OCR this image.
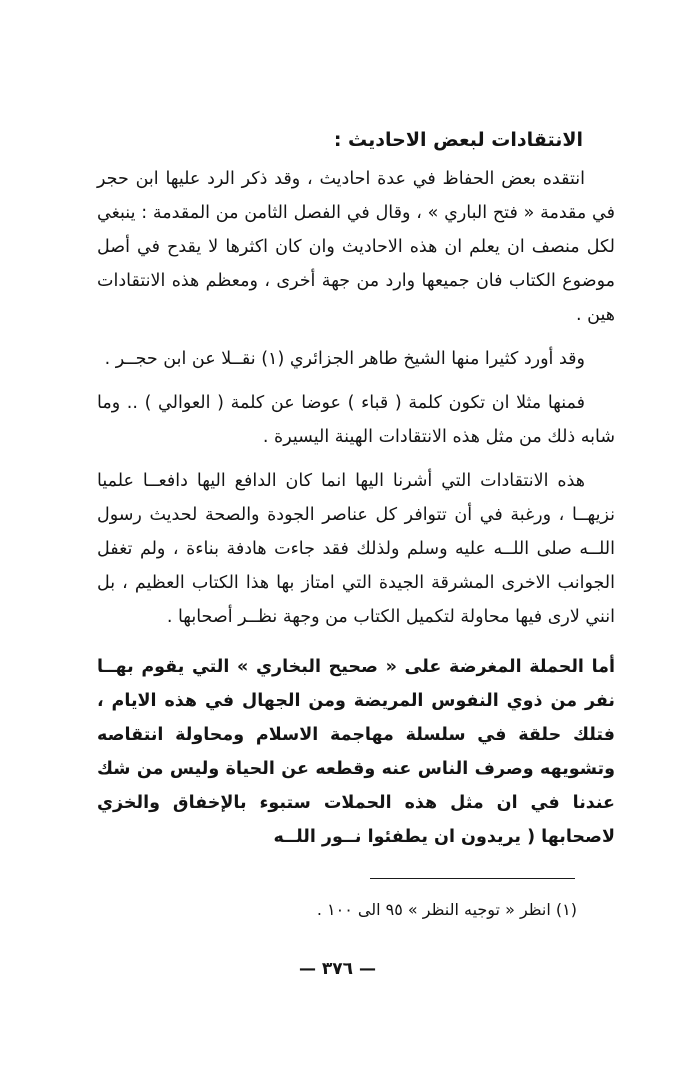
الانتقادات لبعض الاحاديث :

انتقده بعض الحفاظ في عدة احاديث ، وقد ذكر الرد عليها ابن حجر في مقدمة « فتح الباري » ، وقال في الفصل الثامن من المقدمة : ينبغي لكل منصف ان يعلم ان هذه الاحاديث وان كان اكثرها لا يقدح في أصل موضوع الكتاب فان جميعها وارد من جهة أخرى ، ومعظم هذه الانتقادات هين .

وقد أورد كثيرا منها الشيخ طاهر الجزائري (١) نقــلا عن ابن حجــر .

فمنها مثلا ان تكون كلمة ( قباء ) عوضا عن كلمة ( العوالي ) .. وما شابه ذلك من مثل هذه الانتقادات الهينة اليسيرة .

هذه الانتقادات التي أشرنا اليها انما كان الدافع اليها دافعــا علميا نزيهــا ، ورغبة في أن تتوافر كل عناصر الجودة والصحة لحديث رسول اللــه صلى اللــه عليه وسلم ولذلك فقد جاءت هادفة بناءة ، ولم تغفل الجوانب الاخرى المشرقة الجيدة التي امتاز بها هذا الكتاب العظيم ، بل انني لارى فيها محاولة لتكميل الكتاب من وجهة نظــر أصحابها .

أما الحملة المغرضة على « صحيح البخاري » التي يقوم بهــا نفر من ذوي النفوس المريضة ومن الجهال في هذه الايام ، فتلك حلقة في سلسلة مهاجمة الاسلام ومحاولة انتقاصه وتشويهه وصرف الناس عنه وقطعه عن الحياة وليس من شك عندنا في ان مثل هذه الحملات ستبوء بالإخفاق والخزي لاصحابها ( يريدون ان يطفئوا نــور اللــه

(١) انظر « توجيه النظر » ٩٥ الى ١٠٠ .
— ٣٧٦ —
